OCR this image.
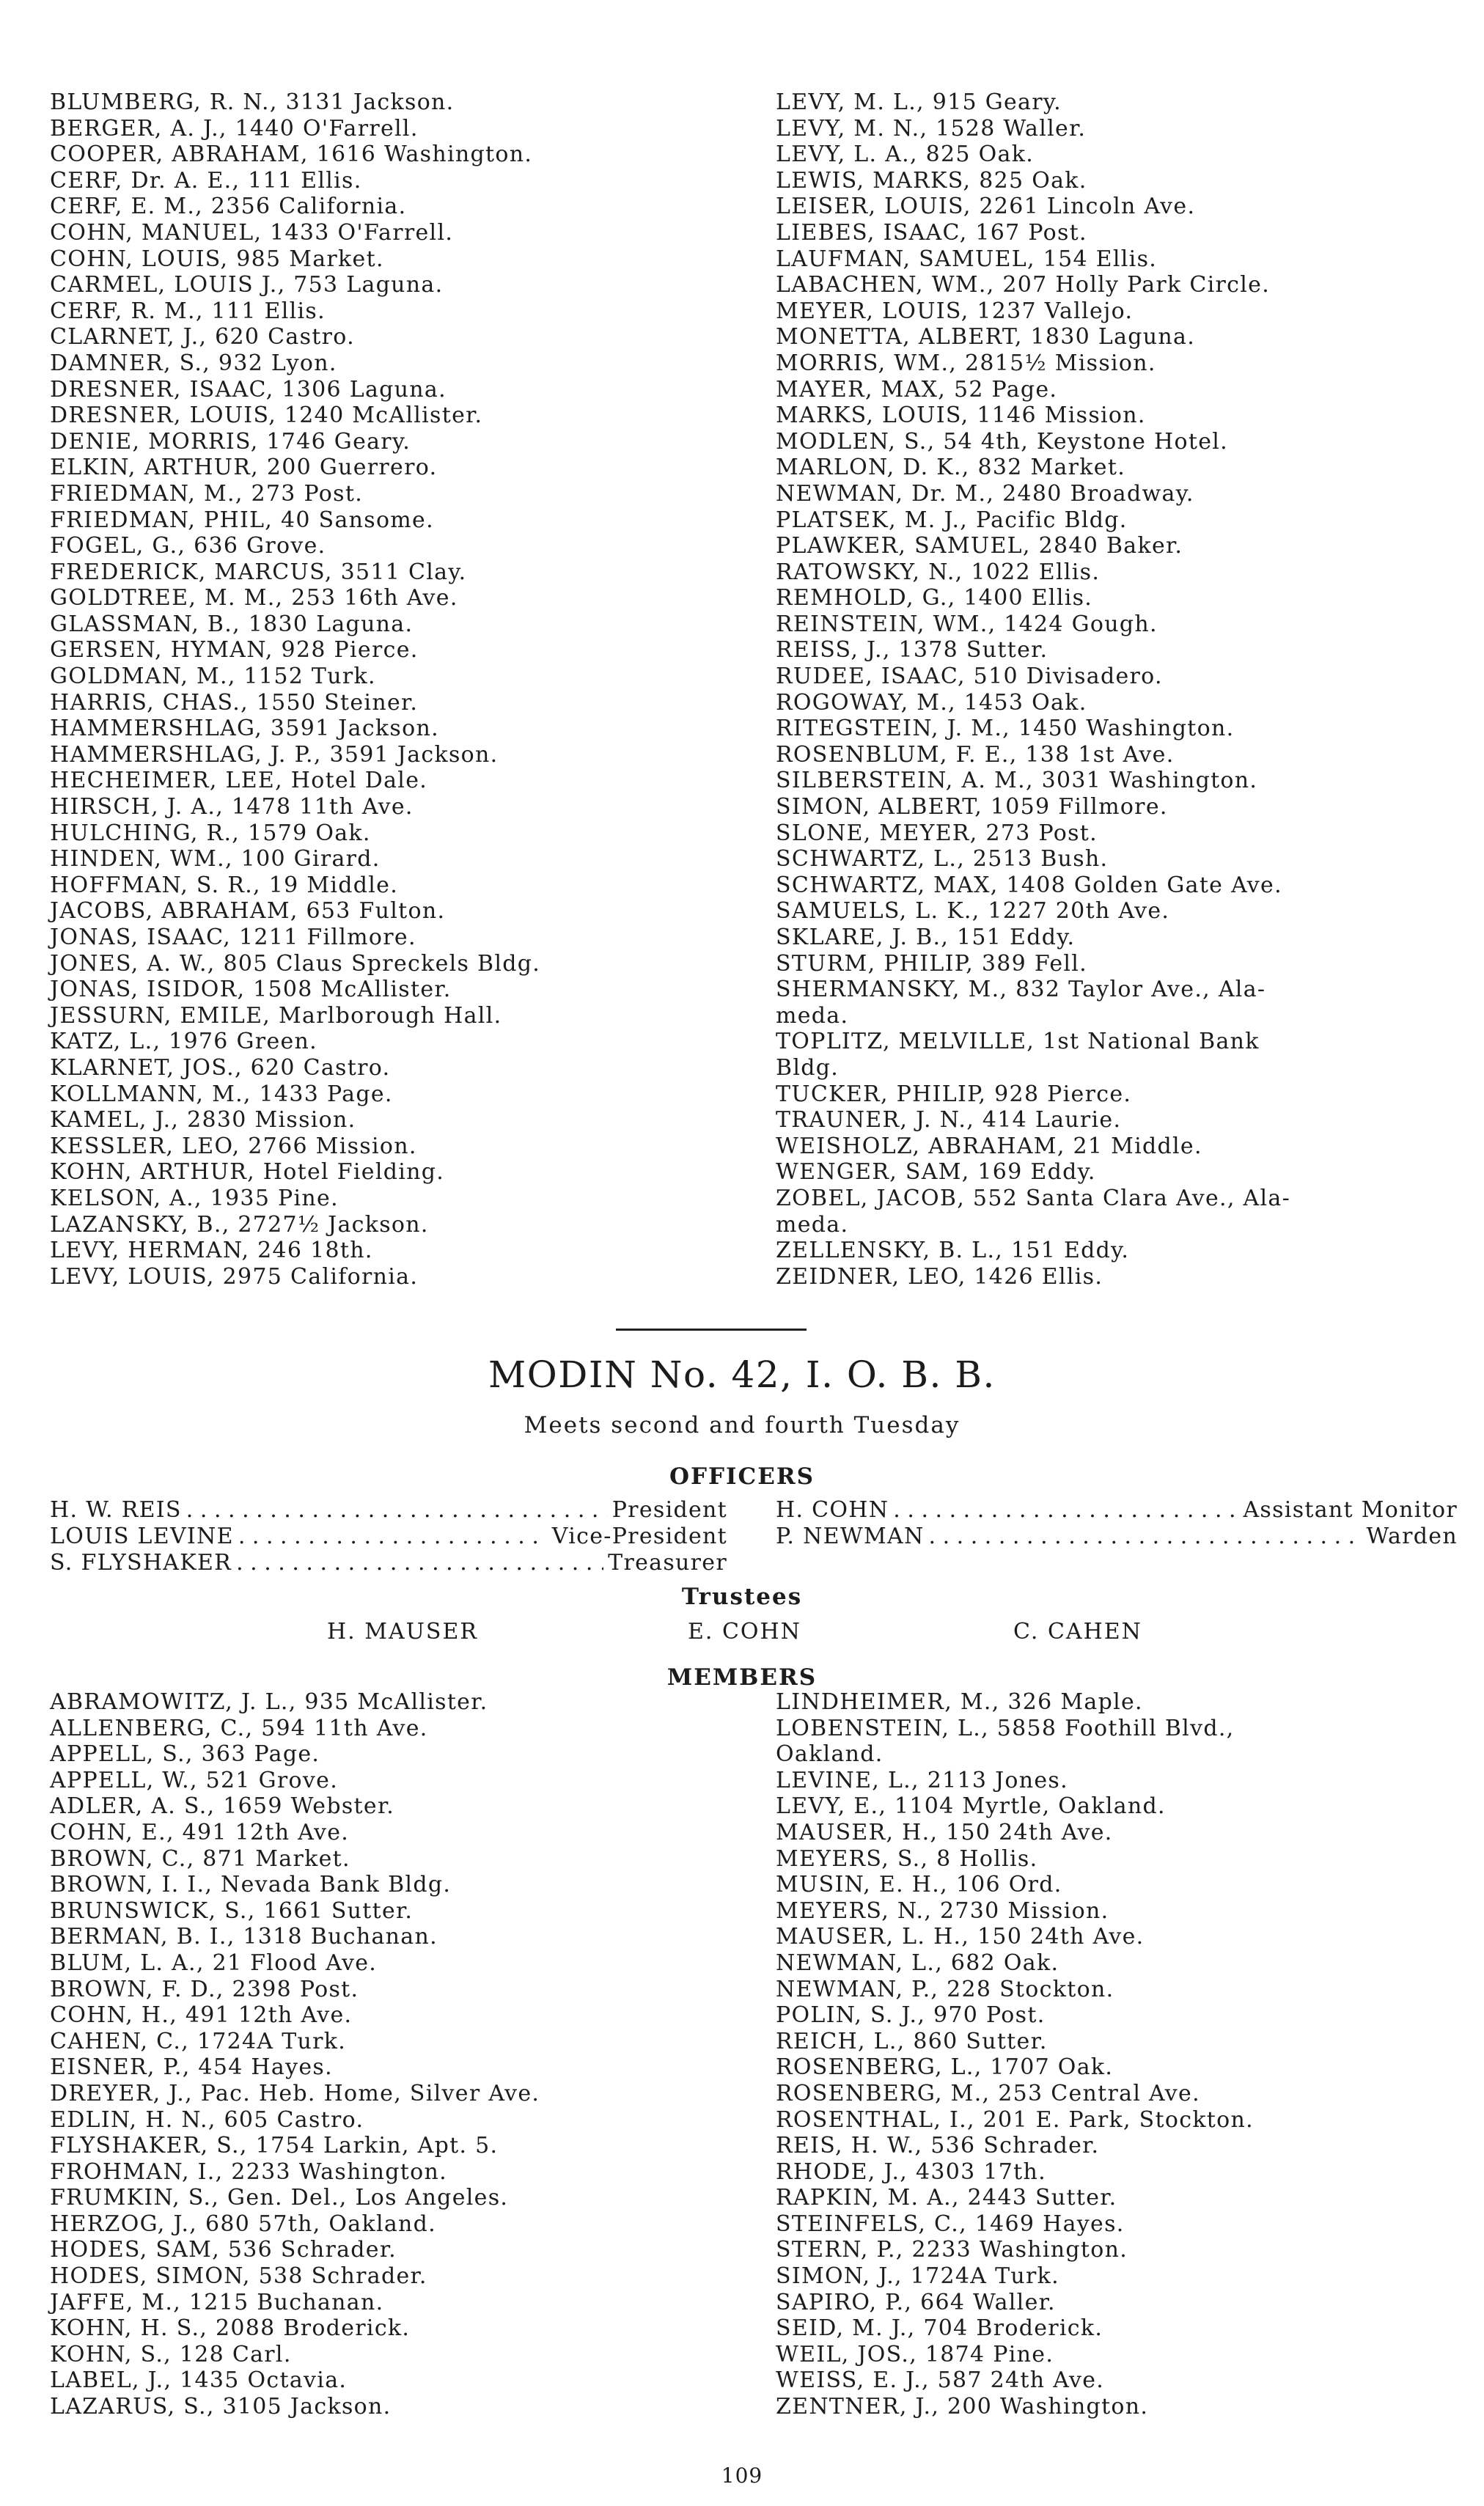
BLUMBERG, R. N., 3131 Jackson.
BERGER, A. J., 1440 O'Farrell.
COOPER, ABRAHAM, 1616 Washington.
CERF, Dr. A. E., 111 Ellis.
CERF, E. M., 2356 California.
COHN, MANUEL, 1433 O'Farrell.
COHN, LOUIS, 985 Market.
CARMEL, LOUIS J., 753 Laguna.
CERF, R. M., 111 Ellis.
CLARNET, J., 620 Castro.
DAMNER, S., 932 Lyon.
DRESNER, ISAAC, 1306 Laguna.
DRESNER, LOUIS, 1240 McAllister.
DENIE, MORRIS, 1746 Geary.
ELKIN, ARTHUR, 200 Guerrero.
FRIEDMAN, M., 273 Post.
FRIEDMAN, PHIL, 40 Sansome.
FOGEL, G., 636 Grove.
FREDERICK, MARCUS, 3511 Clay.
GOLDTREE, M. M., 253 16th Ave.
GLASSMAN, B., 1830 Laguna.
GERSEN, HYMAN, 928 Pierce.
GOLDMAN, M., 1152 Turk.
HARRIS, CHAS., 1550 Steiner.
HAMMERSHLAG, 3591 Jackson.
HAMMERSHLAG, J. P., 3591 Jackson.
HECHEIMER, LEE, Hotel Dale.
HIRSCH, J. A., 1478 11th Ave.
HULCHING, R., 1579 Oak.
HINDEN, WM., 100 Girard.
HOFFMAN, S. R., 19 Middle.
JACOBS, ABRAHAM, 653 Fulton.
JONAS, ISAAC, 1211 Fillmore.
JONES, A. W., 805 Claus Spreckels Bldg.
JONAS, ISIDOR, 1508 McAllister.
JESSURN, EMILE, Marlborough Hall.
KATZ, L., 1976 Green.
KLARNET, JOS., 620 Castro.
KOLLMANN, M., 1433 Page.
KAMEL, J., 2830 Mission.
KESSLER, LEO, 2766 Mission.
KOHN, ARTHUR, Hotel Fielding.
KELSON, A., 1935 Pine.
LAZANSKY, B., 2727½ Jackson.
LEVY, HERMAN, 246 18th.
LEVY, LOUIS, 2975 California.
LEVY, M. L., 915 Geary.
LEVY, M. N., 1528 Waller.
LEVY, L. A., 825 Oak.
LEWIS, MARKS, 825 Oak.
LEISER, LOUIS, 2261 Lincoln Ave.
LIEBES, ISAAC, 167 Post.
LAUFMAN, SAMUEL, 154 Ellis.
LABACHEN, WM., 207 Holly Park Circle.
MEYER, LOUIS, 1237 Vallejo.
MONETTA, ALBERT, 1830 Laguna.
MORRIS, WM., 2815½ Mission.
MAYER, MAX, 52 Page.
MARKS, LOUIS, 1146 Mission.
MODLEN, S., 54 4th, Keystone Hotel.
MARLON, D. K., 832 Market.
NEWMAN, Dr. M., 2480 Broadway.
PLATSEK, M. J., Pacific Bldg.
PLAWKER, SAMUEL, 2840 Baker.
RATOWSKY, N., 1022 Ellis.
REMHOLD, G., 1400 Ellis.
REINSTEIN, WM., 1424 Gough.
REISS, J., 1378 Sutter.
RUDEE, ISAAC, 510 Divisadero.
ROGOWAY, M., 1453 Oak.
RITEGSTEIN, J. M., 1450 Washington.
ROSENBLUM, F. E., 138 1st Ave.
SILBERSTEIN, A. M., 3031 Washington.
SIMON, ALBERT, 1059 Fillmore.
SLONE, MEYER, 273 Post.
SCHWARTZ, L., 2513 Bush.
SCHWARTZ, MAX, 1408 Golden Gate Ave.
SAMUELS, L. K., 1227 20th Ave.
SKLARE, J. B., 151 Eddy.
STURM, PHILIP, 389 Fell.
SHERMANSKY, M., 832 Taylor Ave., Ala-
meda.
TOPLITZ, MELVILLE, 1st National Bank
Bldg.
TUCKER, PHILIP, 928 Pierce.
TRAUNER, J. N., 414 Laurie.
WEISHOLZ, ABRAHAM, 21 Middle.
WENGER, SAM, 169 Eddy.
ZOBEL, JACOB, 552 Santa Clara Ave., Ala-
meda.
ZELLENSKY, B. L., 151 Eddy.
ZEIDNER, LEO, 1426 Ellis.
MODIN No. 42, I. O. B. B.
Meets second and fourth Tuesday
OFFICERS
H. W. REIS . . .	President
LOUIS LEVINE . . .	Vice-President
S. FLYSHAKER . . .	Treasurer
H. COHN . . .	Assistant Monitor
P. NEWMAN . . .	Warden
Trustees
H. MAUSER	E. COHN	C. CAHEN
MEMBERS
ABRAMOWITZ, J. L., 935 McAllister.
ALLENBERG, C., 594 11th Ave.
APPELL, S., 363 Page.
APPELL, W., 521 Grove.
ADLER, A. S., 1659 Webster.
COHN, E., 491 12th Ave.
BROWN, C., 871 Market.
BROWN, I. I., Nevada Bank Bldg.
BRUNSWICK, S., 1661 Sutter.
BERMAN, B. I., 1318 Buchanan.
BLUM, L. A., 21 Flood Ave.
BROWN, F. D., 2398 Post.
COHN, H., 491 12th Ave.
CAHEN, C., 1724A Turk.
EISNER, P., 454 Hayes.
DREYER, J., Pac. Heb. Home, Silver Ave.
EDLIN, H. N., 605 Castro.
FLYSHAKER, S., 1754 Larkin, Apt. 5.
FROHMAN, I., 2233 Washington.
FRUMKIN, S., Gen. Del., Los Angeles.
HERZOG, J., 680 57th, Oakland.
HODES, SAM, 536 Schrader.
HODES, SIMON, 538 Schrader.
JAFFE, M., 1215 Buchanan.
KOHN, H. S., 2088 Broderick.
KOHN, S., 128 Carl.
LABEL, J., 1435 Octavia.
LAZARUS, S., 3105 Jackson.
LINDHEIMER, M., 326 Maple.
LOBENSTEIN, L., 5858 Foothill Blvd.,
Oakland.
LEVINE, L., 2113 Jones.
LEVY, E., 1104 Myrtle, Oakland.
MAUSER, H., 150 24th Ave.
MEYERS, S., 8 Hollis.
MUSIN, E. H., 106 Ord.
MEYERS, N., 2730 Mission.
MAUSER, L. H., 150 24th Ave.
NEWMAN, L., 682 Oak.
NEWMAN, P., 228 Stockton.
POLIN, S. J., 970 Post.
REICH, L., 860 Sutter.
ROSENBERG, L., 1707 Oak.
ROSENBERG, M., 253 Central Ave.
ROSENTHAL, I., 201 E. Park, Stockton.
REIS, H. W., 536 Schrader.
RHODE, J., 4303 17th.
RAPKIN, M. A., 2443 Sutter.
STEINFELS, C., 1469 Hayes.
STERN, P., 2233 Washington.
SIMON, J., 1724A Turk.
SAPIRO, P., 664 Waller.
SEID, M. J., 704 Broderick.
WEIL, JOS., 1874 Pine.
WEISS, E. J., 587 24th Ave.
ZENTNER, J., 200 Washington.
109
